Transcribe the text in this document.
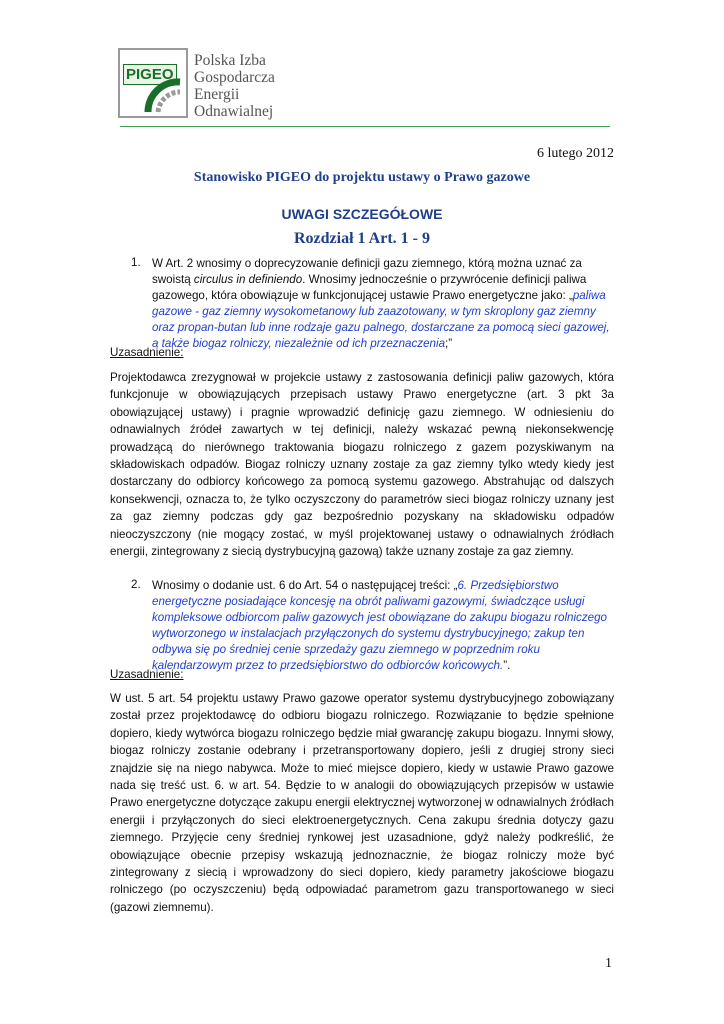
PIGEO
Polska Izba
Gospodarcza
Energii
Odnawialnej
6 lutego 2012
Stanowisko PIGEO do projektu ustawy o Prawo gazowe
UWAGI SZCZEGÓŁOWE
Rozdział 1 Art. 1 - 9
1. W Art. 2 wnosimy o doprecyzowanie definicji gazu ziemnego, którą można uznać za swoistą circulus in definiendo. Wnosimy jednocześnie o przywrócenie definicji paliwa gazowego, która obowiązuje w funkcjonującej ustawie Prawo energetyczne jako: „paliwa gazowe - gaz ziemny wysokometanowy lub zaazotowany, w tym skroplony gaz ziemny oraz propan-butan lub inne rodzaje gazu palnego, dostarczane za pomocą sieci gazowej, a także biogaz rolniczy, niezależnie od ich przeznaczenia;”
Uzasadnienie:
Projektodawca zrezygnował w projekcie ustawy z zastosowania definicji paliw gazowych, która funkcjonuje w obowiązujących przepisach ustawy Prawo energetyczne (art. 3 pkt 3a obowiązującej ustawy) i pragnie wprowadzić definicję gazu ziemnego. W odniesieniu do odnawialnych źródeł zawartych w tej definicji, należy wskazać pewną niekonsekwencję prowadzącą do nierównego traktowania biogazu rolniczego z gazem pozyskiwanym na składowiskach odpadów. Biogaz rolniczy uznany zostaje za gaz ziemny tylko wtedy kiedy jest dostarczany do odbiorcy końcowego za pomocą systemu gazowego. Abstrahując od dalszych konsekwencji, oznacza to, że tylko oczyszczony do parametrów sieci biogaz rolniczy uznany jest za gaz ziemny podczas gdy gaz bezpośrednio pozyskany na składowisku odpadów nieoczyszczony (nie mogący zostać, w myśl projektowanej ustawy o odnawialnych źródłach energii, zintegrowany z siecią dystrybucyjną gazową) także uznany zostaje za gaz ziemny.
2. Wnosimy o dodanie ust. 6 do Art. 54 o następującej treści: „6. Przedsiębiorstwo energetyczne posiadające koncesję na obrót paliwami gazowymi, świadczące usługi kompleksowe odbiorcom paliw gazowych jest obowiązane do zakupu biogazu rolniczego wytworzonego w instalacjach przyłączonych do systemu dystrybucyjnego; zakup ten odbywa się po średniej cenie sprzedaży gazu ziemnego w poprzednim roku kalendarzowym przez to przedsiębiorstwo do odbiorców końcowych.”.
Uzasadnienie:
W ust. 5 art. 54 projektu ustawy Prawo gazowe operator systemu dystrybucyjnego zobowiązany został przez projektodawcę do odbioru biogazu rolniczego. Rozwiązanie to będzie spełnione dopiero, kiedy wytwórca biogazu rolniczego będzie miał gwarancję zakupu biogazu. Innymi słowy, biogaz rolniczy zostanie odebrany i przetransportowany dopiero, jeśli z drugiej strony sieci znajdzie się na niego nabywca. Może to mieć miejsce dopiero, kiedy w ustawie Prawo gazowe nada się treść ust. 6. w art. 54. Będzie to w analogii do obowiązujących przepisów w ustawie Prawo energetyczne dotyczące zakupu energii elektrycznej wytworzonej w odnawialnych źródłach energii i przyłączonych do sieci elektroenergetycznych. Cena zakupu średnia dotyczy gazu ziemnego. Przyjęcie ceny średniej rynkowej jest uzasadnione, gdyż należy podkreślić, że obowiązujące obecnie przepisy wskazują jednoznacznie, że biogaz rolniczy może być zintegrowany z siecią i wprowadzony do sieci dopiero, kiedy parametry jakościowe biogazu rolniczego (po oczyszczeniu) będą odpowiadać parametrom gazu transportowanego w sieci (gazowi ziemnemu).
1
